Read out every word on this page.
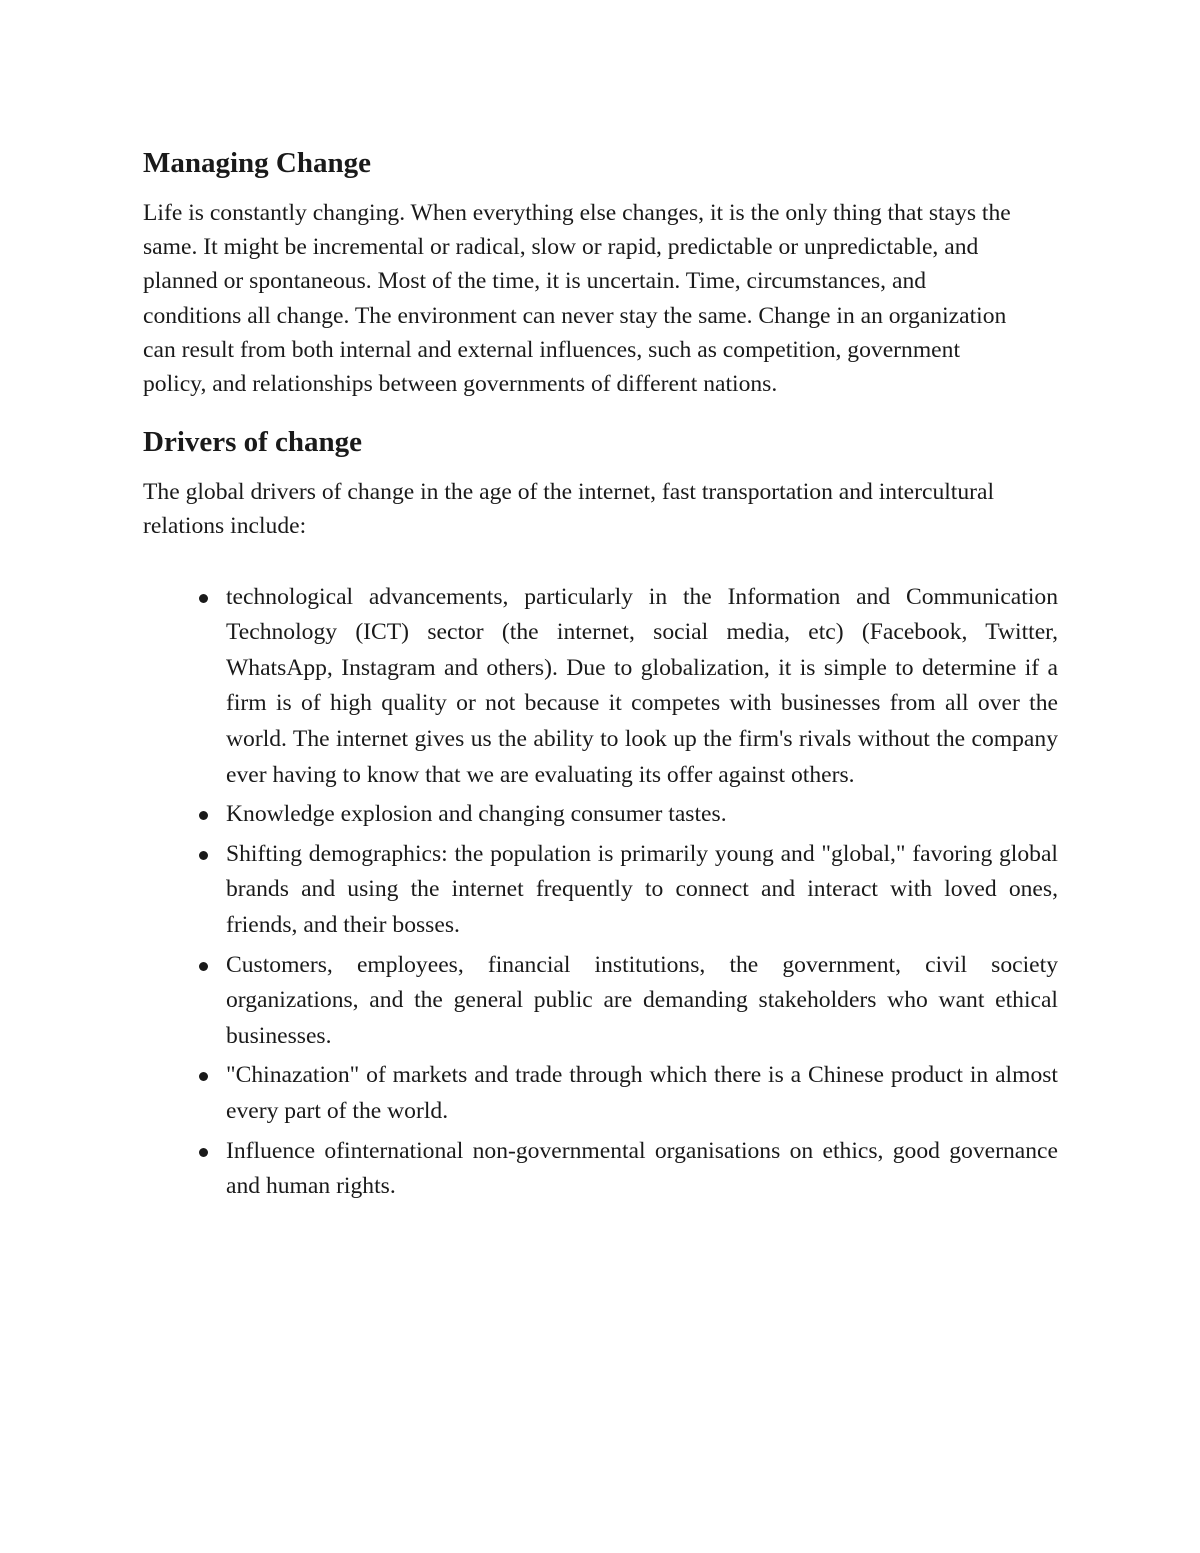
Managing Change

Life is constantly changing. When everything else changes, it is the only thing that stays the same. It might be incremental or radical, slow or rapid, predictable or unpredictable, and planned or spontaneous. Most of the time, it is uncertain. Time, circumstances, and conditions all change. The environment can never stay the same. Change in an organization can result from both internal and external influences, such as competition, government policy, and relationships between governments of different nations.

Drivers of change

The global drivers of change in the age of the internet, fast transportation and intercultural relations include:

technological advancements, particularly in the Information and Communication Technology (ICT) sector (the internet, social media, etc) (Facebook, Twitter, WhatsApp, Instagram and others). Due to globalization, it is simple to determine if a firm is of high quality or not because it competes with businesses from all over the world. The internet gives us the ability to look up the firm's rivals without the company ever having to know that we are evaluating its offer against others.
Knowledge explosion and changing consumer tastes.
Shifting demographics: the population is primarily young and "global," favoring global brands and using the internet frequently to connect and interact with loved ones, friends, and their bosses.
Customers, employees, financial institutions, the government, civil society organizations, and the general public are demanding stakeholders who want ethical businesses.
"Chinazation" of markets and trade through which there is a Chinese product in almost every part of the world.
Influence ofinternational non-governmental organisations on ethics, good governance and human rights.
